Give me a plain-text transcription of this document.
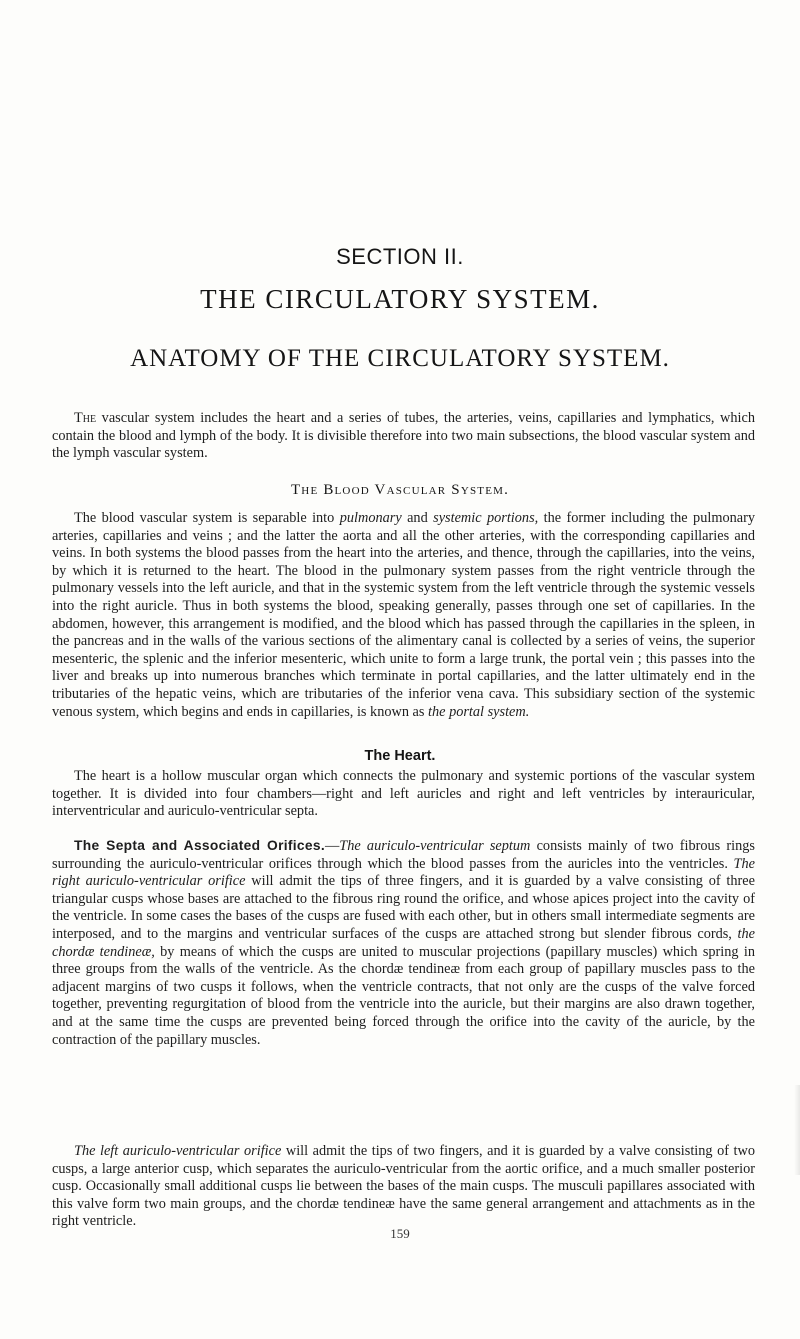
SECTION II.
THE CIRCULATORY SYSTEM.
ANATOMY OF THE CIRCULATORY SYSTEM.

The vascular system includes the heart and a series of tubes, the arteries, veins, capillaries and lymphatics, which contain the blood and lymph of the body. It is divisible therefore into two main subsections, the blood vascular system and the lymph vascular system.

The Blood Vascular System.

The blood vascular system is separable into pulmonary and systemic portions, the former including the pulmonary arteries, capillaries and veins ; and the latter the aorta and all the other arteries, with the corresponding capillaries and veins. In both systems the blood passes from the heart into the arteries, and thence, through the capillaries, into the veins, by which it is returned to the heart. The blood in the pulmonary system passes from the right ventricle through the pulmonary vessels into the left auricle, and that in the systemic system from the left ventricle through the systemic vessels into the right auricle. Thus in both systems the blood, speaking generally, passes through one set of capillaries. In the abdomen, however, this arrangement is modified, and the blood which has passed through the capillaries in the spleen, in the pancreas and in the walls of the various sections of the alimentary canal is collected by a series of veins, the superior mesenteric, the splenic and the inferior mesenteric, which unite to form a large trunk, the portal vein ; this passes into the liver and breaks up into numerous branches which terminate in portal capillaries, and the latter ultimately end in the tributaries of the hepatic veins, which are tributaries of the inferior vena cava. This subsidiary section of the systemic venous system, which begins and ends in capillaries, is known as the portal system.

The Heart.

The heart is a hollow muscular organ which connects the pulmonary and systemic portions of the vascular system together. It is divided into four chambers—right and left auricles and right and left ventricles by interauricular, interventricular and auriculo-ventricular septa.

The Septa and Associated Orifices.—The auriculo-ventricular septum consists mainly of two fibrous rings surrounding the auriculo-ventricular orifices through which the blood passes from the auricles into the ventricles. The right auriculo-ventricular orifice will admit the tips of three fingers, and it is guarded by a valve consisting of three triangular cusps whose bases are attached to the fibrous ring round the orifice, and whose apices project into the cavity of the ventricle. In some cases the bases of the cusps are fused with each other, but in others small intermediate segments are interposed, and to the margins and ventricular surfaces of the cusps are attached strong but slender fibrous cords, the chordæ tendineæ, by means of which the cusps are united to muscular projections (papillary muscles) which spring in three groups from the walls of the ventricle. As the chordæ tendineæ from each group of papillary muscles pass to the adjacent margins of two cusps it follows, when the ventricle contracts, that not only are the cusps of the valve forced together, preventing regurgitation of blood from the ventricle into the auricle, but their margins are also drawn together, and at the same time the cusps are prevented being forced through the orifice into the cavity of the auricle, by the contraction of the papillary muscles.

The left auriculo-ventricular orifice will admit the tips of two fingers, and it is guarded by a valve consisting of two cusps, a large anterior cusp, which separates the auriculo-ventricular from the aortic orifice, and a much smaller posterior cusp. Occasionally small additional cusps lie between the bases of the main cusps. The musculi papillares associated with this valve form two main groups, and the chordæ tendineæ have the same general arrangement and attachments as in the right ventricle.

159
